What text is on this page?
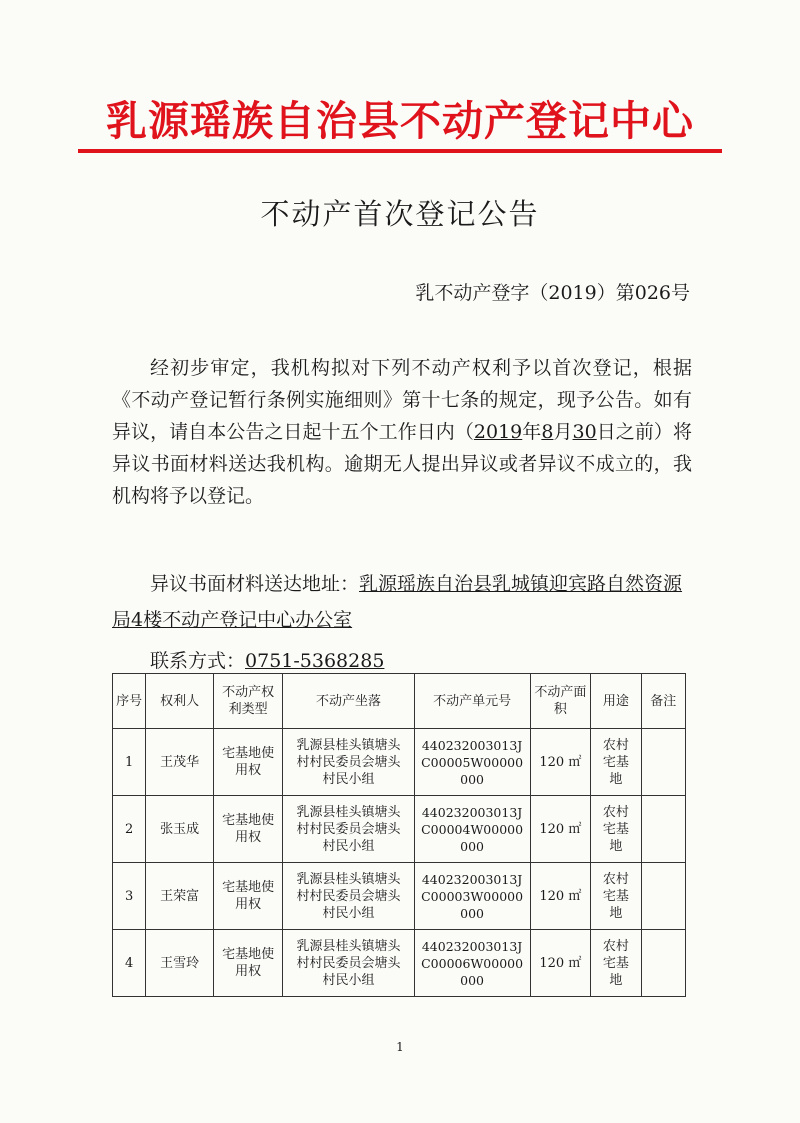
乳源瑶族自治县不动产登记中心
不动产首次登记公告
乳不动产登字（2019）第026号

经初步审定，我机构拟对下列不动产权利予以首次登记，根据《不动产登记暂行条例实施细则》第十七条的规定，现予公告。如有异议，请自本公告之日起十五个工作日内（2019年8月30日之前）将异议书面材料送达我机构。逾期无人提出异议或者异议不成立的，我机构将予以登记。

异议书面材料送达地址：乳源瑶族自治县乳城镇迎宾路自然资源局4楼不动产登记中心办公室

联系方式：0751-5368285
序号	权利人	不动产权利类型	不动产坐落	不动产单元号	不动产面积	用途	备注
1	王茂华	宅基地使用权	乳源县桂头镇塘头村村民委员会塘头村民小组	440232003013JC00005W00000000	120 ㎡	农村宅基地	
2	张玉成	宅基地使用权	乳源县桂头镇塘头村村民委员会塘头村民小组	440232003013JC00004W00000000	120 ㎡	农村宅基地	
3	王荣富	宅基地使用权	乳源县桂头镇塘头村村民委员会塘头村民小组	440232003013JC00003W00000000	120 ㎡	农村宅基地	
4	王雪玲	宅基地使用权	乳源县桂头镇塘头村村民委员会塘头村民小组	440232003013JC00006W00000000	120 ㎡	农村宅基地	
1
